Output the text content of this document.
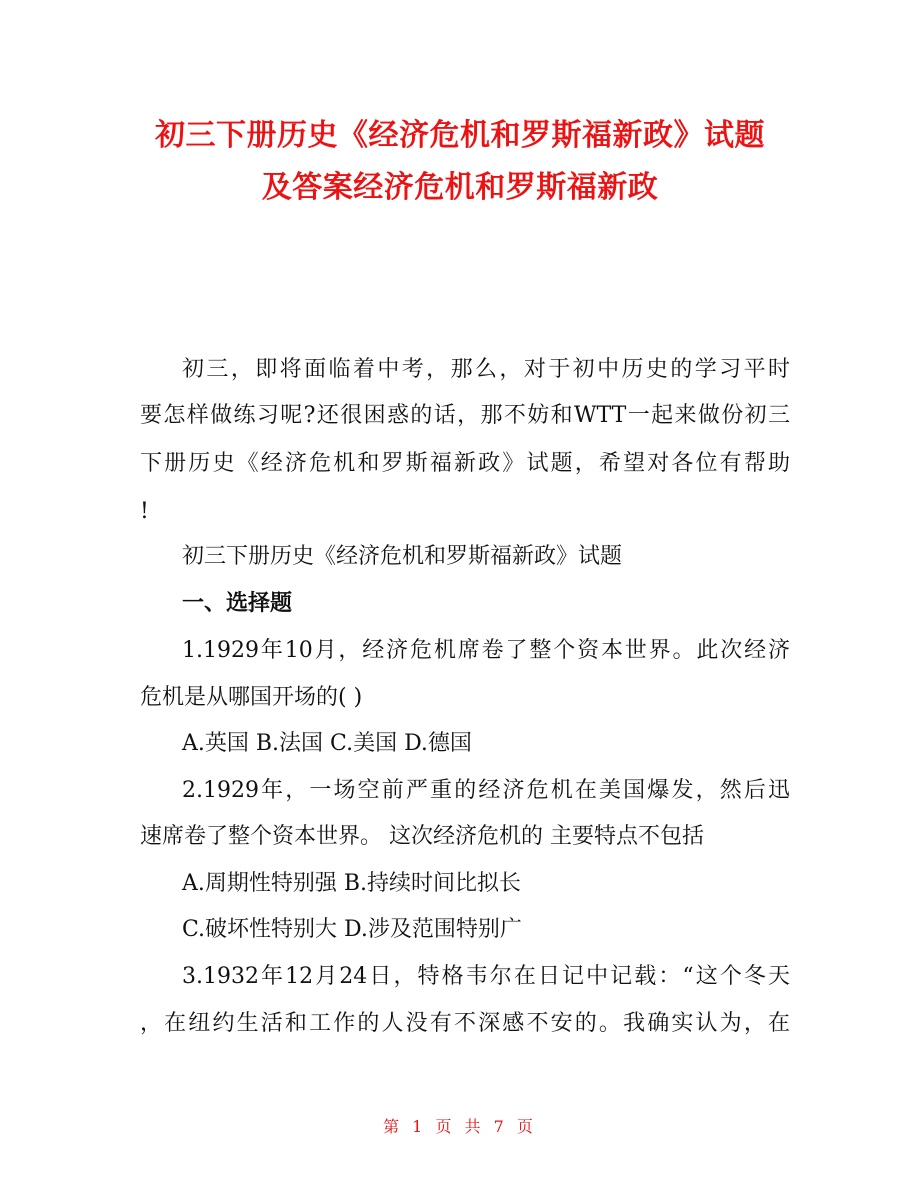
初三下册历史《经济危机和罗斯福新政》试题
及答案经济危机和罗斯福新政
初三，即将面临着中考，那么，对于初中历史的学习平时
要怎样做练习呢?还很困惑的话，那不妨和WTT一起来做份初三
下册历史《经济危机和罗斯福新政》试题，希望对各位有帮助
!
初三下册历史《经济危机和罗斯福新政》试题
一、选择题
1.1929年10月，经济危机席卷了整个资本世界。此次经济
危机是从哪国开场的( )
A.英国 B.法国 C.美国 D.德国
2.1929年，一场空前严重的经济危机在美国爆发，然后迅
速席卷了整个资本世界。 这次经济危机的 主要特点不包括
A.周期性特别强 B.持续时间比拟长
C.破坏性特别大 D.涉及范围特别广
3.1932年12月24日，特格韦尔在日记中记载：“这个冬天
，在纽约生活和工作的人没有不深感不安的。我确实认为，在
第 1 页 共 7 页
